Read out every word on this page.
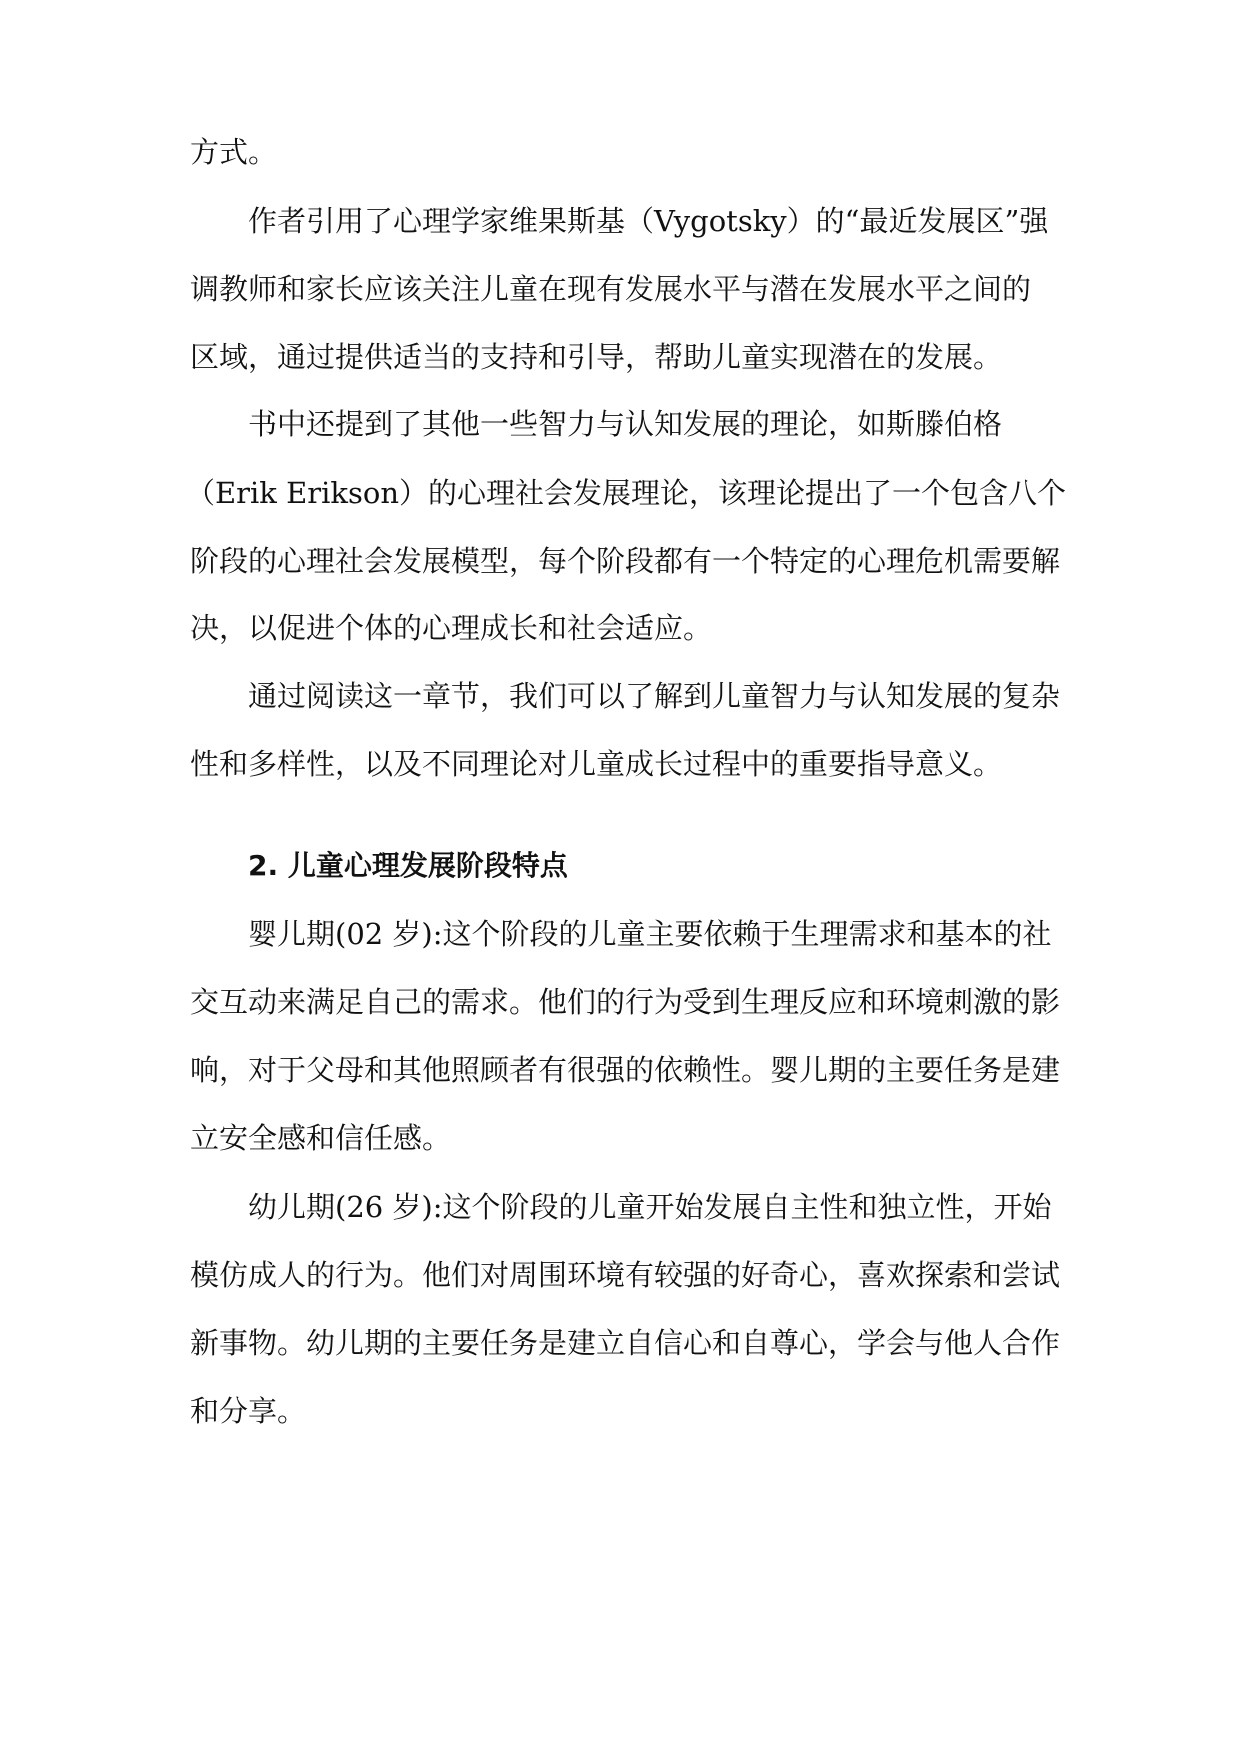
方式。
作者引用了心理学家维果斯基（Vygotsky）的“最近发展区”强
调教师和家长应该关注儿童在现有发展水平与潜在发展水平之间的
区域，通过提供适当的支持和引导，帮助儿童实现潜在的发展。
书中还提到了其他一些智力与认知发展的理论，如斯滕伯格
（Erik Erikson）的心理社会发展理论，该理论提出了一个包含八个
阶段的心理社会发展模型，每个阶段都有一个特定的心理危机需要解
决，以促进个体的心理成长和社会适应。
通过阅读这一章节，我们可以了解到儿童智力与认知发展的复杂
性和多样性，以及不同理论对儿童成长过程中的重要指导意义。
2. 儿童心理发展阶段特点
婴儿期(02 岁):这个阶段的儿童主要依赖于生理需求和基本的社
交互动来满足自己的需求。他们的行为受到生理反应和环境刺激的影
响，对于父母和其他照顾者有很强的依赖性。婴儿期的主要任务是建
立安全感和信任感。
幼儿期(26 岁):这个阶段的儿童开始发展自主性和独立性，开始
模仿成人的行为。他们对周围环境有较强的好奇心，喜欢探索和尝试
新事物。幼儿期的主要任务是建立自信心和自尊心，学会与他人合作
和分享。
